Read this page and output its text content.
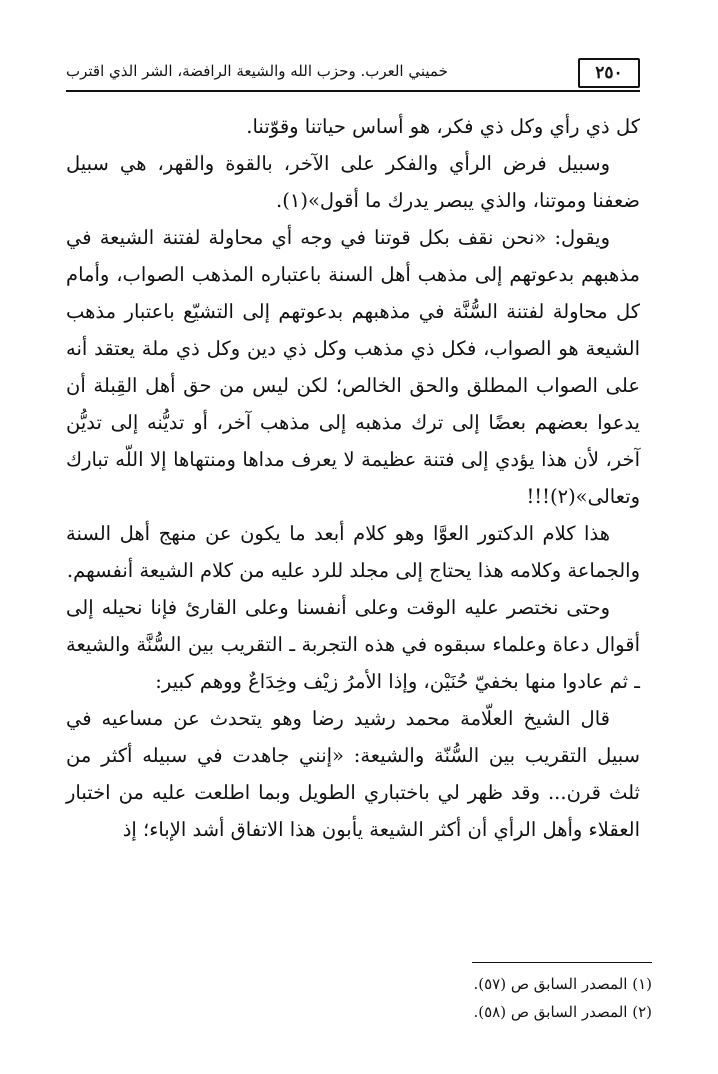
٢٥٠
خميني العرب. وحزب الله والشيعة الرافضة، الشر الذي اقترب

كل ذي رأي وكل ذي فكر، هو أساس حياتنا وقوّتنا.

وسبيل فرض الرأي والفكر على الآخر، بالقوة والقهر، هي سبيل ضعفنا وموتنا، والذي يبصر يدرك ما أقول»(١).

ويقول: «نحن نقف بكل قوتنا في وجه أي محاولة لفتنة الشيعة في مذهبهم بدعوتهم إلى مذهب أهل السنة باعتباره المذهب الصواب، وأمام كل محاولة لفتنة السُّنَّة في مذهبهم بدعوتهم إلى التشيّع باعتبار مذهب الشيعة هو الصواب، فكل ذي مذهب وكل ذي دين وكل ذي ملة يعتقد أنه على الصواب المطلق والحق الخالص؛ لكن ليس من حق أهل القِبلة أن يدعوا بعضهم بعضًا إلى ترك مذهبه إلى مذهب آخر، أو تديُّنه إلى تديُّن آخر، لأن هذا يؤدي إلى فتنة عظيمة لا يعرف مداها ومنتهاها إلا اللّه تبارك وتعالى»(٢)!!!

هذا كلام الدكتور العوَّا وهو كلام أبعد ما يكون عن منهج أهل السنة والجماعة وكلامه هذا يحتاج إلى مجلد للرد عليه من كلام الشيعة أنفسهم.

وحتى نختصر عليه الوقت وعلى أنفسنا وعلى القارئ فإنا نحيله إلى أقوال دعاة وعلماء سبقوه في هذه التجربة ـ التقريب بين السُّنَّة والشيعة ـ ثم عادوا منها بخفيّ حُنَيْن، وإذا الأمرُ زيْف وخِدَاعٌ ووهم كبير:

قال الشيخ العلّامة محمد رشيد رضا وهو يتحدث عن مساعيه في سبيل التقريب بين السُّنّة والشيعة: «إنني جاهدت في سبيله أكثر من ثلث قرن... وقد ظهر لي باختباري الطويل وبما اطلعت عليه من اختبار العقلاء وأهل الرأي أن أكثر الشيعة يأبون هذا الاتفاق أشد الإباء؛ إذ

(١) المصدر السابق ص (٥٧).
(٢) المصدر السابق ص (٥٨).
